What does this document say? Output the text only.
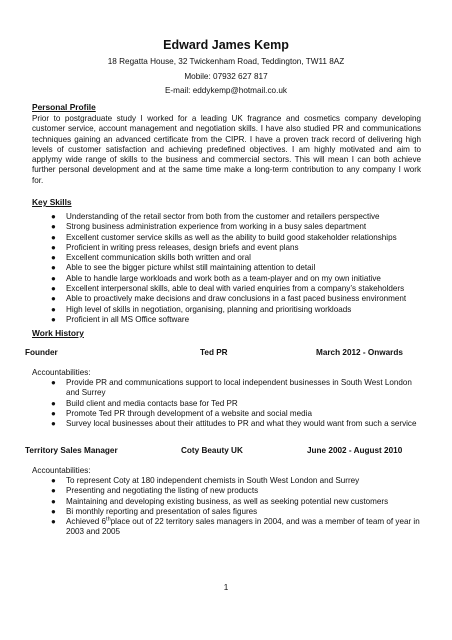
Edward James Kemp
18 Regatta House, 32 Twickenham Road, Teddington, TW11 8AZ
Mobile: 07932 627 817
E-mail: eddykemp@hotmail.co.uk
Personal Profile
Prior to postgraduate study I worked for a leading UK fragrance and cosmetics company developing customer service, account management and negotiation skills. I have also studied PR and communications techniques gaining an advanced certificate from the CIPR. I have a proven track record of delivering high levels of customer satisfaction and achieving predefined objectives. I am highly motivated and aim to applymy wide range of skills to the business and commercial sectors. This will mean I can both achieve further personal development and at the same time make a long-term contribution to any company I work for.
Key Skills
● Understanding of the retail sector from both from the customer and retailers perspective
● Strong business administration experience from working in a busy sales department
● Excellent customer service skills as well as the ability to build good stakeholder relationships
● Proficient in writing press releases, design briefs and event plans
● Excellent communication skills both written and oral
● Able to see the bigger picture whilst still maintaining attention to detail
● Able to handle large workloads and work both as a team-player and on my own initiative
● Excellent interpersonal skills, able to deal with varied enquiries from a company’s stakeholders
● Able to proactively make decisions and draw conclusions in a fast paced business environment
● High level of skills in negotiation, organising, planning and prioritising workloads
● Proficient in all MS Office software
Work History
Founder	Ted PR	March 2012 - Onwards
Accountabilities:
● Provide PR and communications support to local independent businesses in South West London and Surrey
● Build client and media contacts base for Ted PR
● Promote Ted PR through development of a website and social media
● Survey local businesses about their attitudes to PR and what they would want from such a service
Territory Sales Manager	Coty Beauty UK	June 2002 - August 2010
Accountabilities:
● To represent Coty at 180 independent chemists in South West London and Surrey
● Presenting and negotiating the listing of new products
● Maintaining and developing existing business, as well as seeking potential new customers
● Bi monthly reporting and presentation of sales figures
● Achieved 6thplace out of 22 territory sales managers in 2004, and was a member of team of year in 2003 and 2005
1
